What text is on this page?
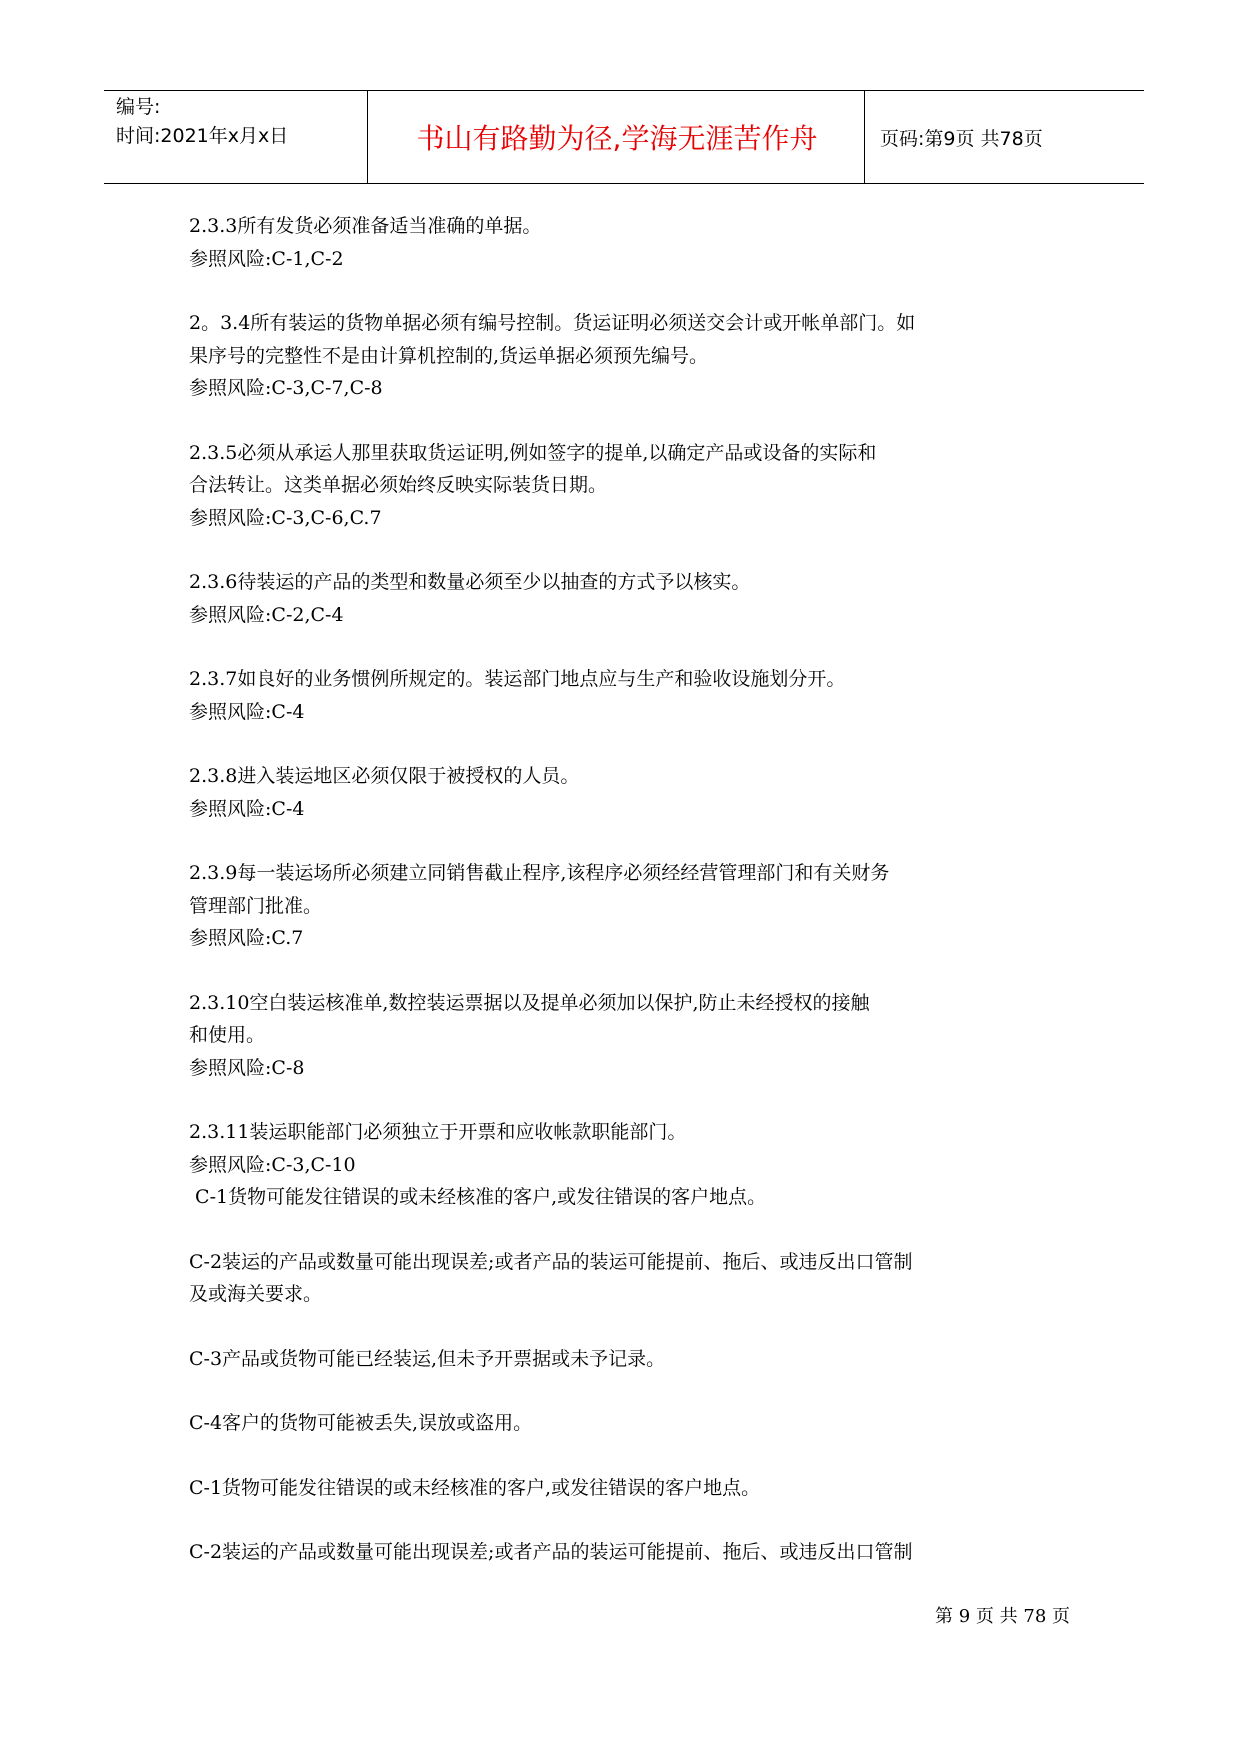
编号:
时间:2021年x月x日	书山有路勤为径,学海无涯苦作舟	页码:第9页 共78页

2.3.3所有发货必须准备适当准确的单据。

参照风险:C-1,C-2

2。3.4所有装运的货物单据必须有编号控制。货运证明必须送交会计或开帐单部门。如

果序号的完整性不是由计算机控制的,货运单据必须预先编号。

参照风险:C-3,C-7,C-8

2.3.5必须从承运人那里获取货运证明,例如签字的提单,以确定产品或设备的实际和

合法转让。这类单据必须始终反映实际装货日期。

参照风险:C-3,C-6,C.7

2.3.6待装运的产品的类型和数量必须至少以抽查的方式予以核实。

参照风险:C-2,C-4

2.3.7如良好的业务惯例所规定的。装运部门地点应与生产和验收设施划分开。

参照风险:C-4

2.3.8进入装运地区必须仅限于被授权的人员。

参照风险:C-4

2.3.9每一装运场所必须建立同销售截止程序,该程序必须经经营管理部门和有关财务

管理部门批准。

参照风险:C.7

2.3.10空白装运核准单,数控装运票据以及提单必须加以保护,防止未经授权的接触

和使用。

参照风险:C-8

2.3.11装运职能部门必须独立于开票和应收帐款职能部门。

参照风险:C-3,C-10

C-1货物可能发往错误的或未经核准的客户,或发往错误的客户地点。

C-2装运的产品或数量可能出现误差;或者产品的装运可能提前、拖后、或违反出口管制

及或海关要求。

C-3产品或货物可能已经装运,但未予开票据或未予记录。

C-4客户的货物可能被丢失,误放或盗用。

C-1货物可能发往错误的或未经核准的客户,或发往错误的客户地点。

C-2装运的产品或数量可能出现误差;或者产品的装运可能提前、拖后、或违反出口管制

第 9 页 共 78 页
